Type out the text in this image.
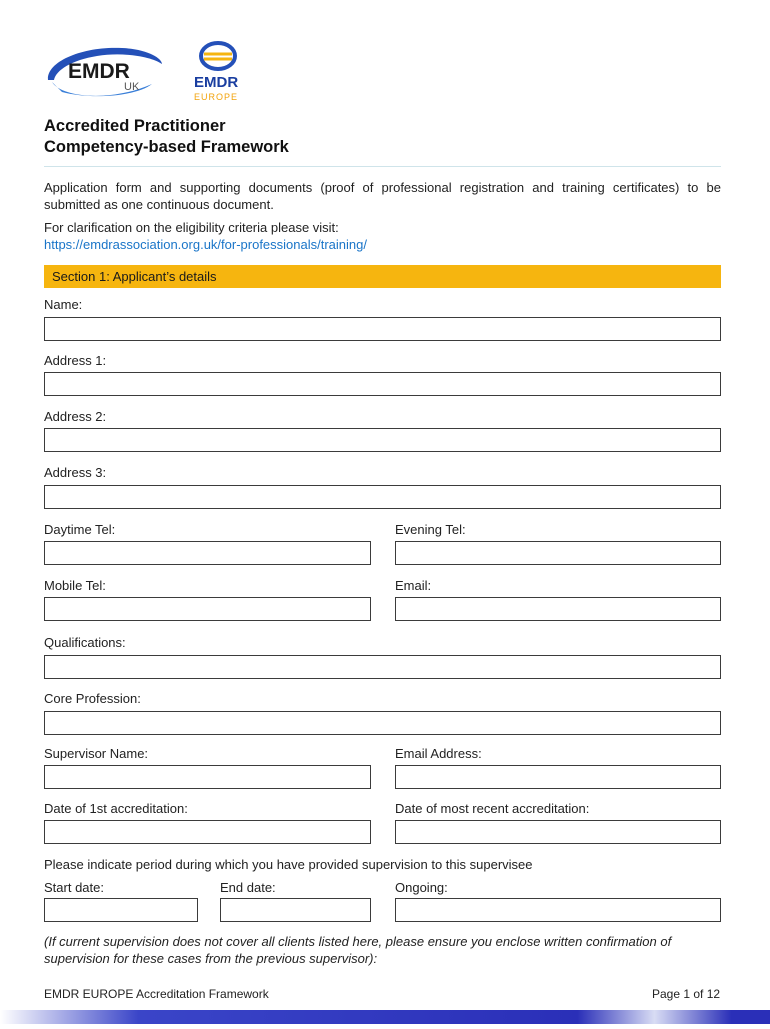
EMDR
UK	EMDR
EUROPE
Accredited Practitioner
Competency-based Framework
Application form and supporting documents (proof of professional registration and training certificates) to be submitted as one continuous document.
For clarification on the eligibility criteria please visit:
https://emdrassociation.org.uk/for-professionals/training/
Section 1: Applicant’s details
Name:
Address 1:
Address 2:
Address 3:
Daytime Tel:	Evening Tel:
Mobile Tel:	Email:
Qualifications:
Core Profession:
Supervisor Name:	Email Address:
Date of 1st accreditation:	Date of most recent accreditation:
Please indicate period during which you have provided supervision to this supervisee
Start date:	End date:	Ongoing:
(If current supervision does not cover all clients listed here, please ensure you enclose written confirmation of supervision for these cases from the previous supervisor):
EMDR EUROPE Accreditation Framework	Page 1 of 12
